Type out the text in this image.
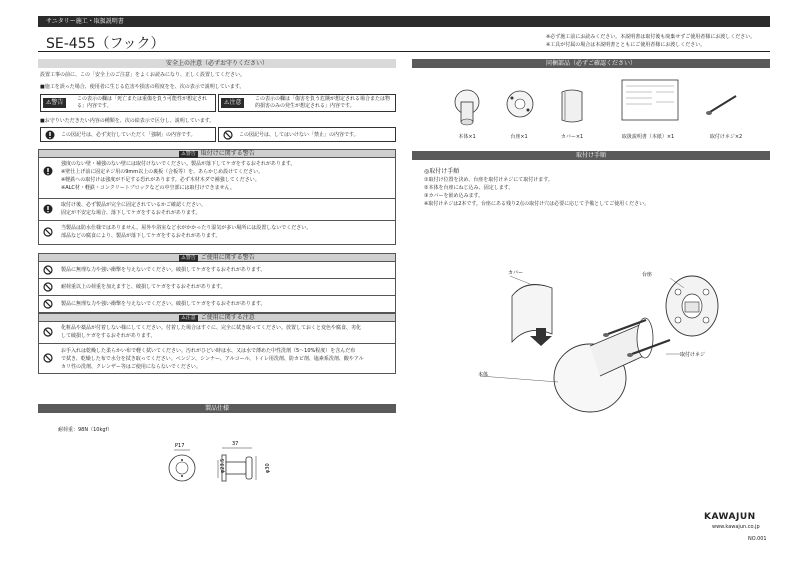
サニタリー施工・取扱説明書
SE-455（フック）	※必ず施工前にお読みください。本説明書は取付後も廃棄せずご使用者様にお渡しください。
※工具が付属の場合は本説明書とともにご使用者様にお渡しください。
安全上の注意（必ずお守りください）
設置工事の前に、この「安全上のご注意」をよくお読みになり、正しく設置してください。
■施工を誤った場合、使用者に生じる危害や損害の程度をを、次の表示で説明しています。
⚠警告	この表示の欄は「死亡または重傷を負う可能性が想定される」内容です。	⚠注意	この表示の欄は「傷害を負う危険が想定される場合または物的損害のみの発生が想定される」内容です。
■お守りいただきたい内容の種類を、次の絵表示で区分し、説明しています。
この図記号は、必ず実行していただく「強制」の内容です。	この図記号は、してはいけない「禁止」の内容です。
⚠警告 取付けに関する警告
強度のない壁・補強のない壁には取付けないでください。製品が落下してケガをするおそれがあります。
※壁仕上げ前に固定ネジ用の9mm以上の裏板（合板等）を、あらかじめ設けてください。
※軽鉄への取付けは強度が不足する恐れがあります。必ず木材木ダで補強してください。
※ALC材・軽鉄・コンクリートブロックなどの中空部には取付けできません。
取付け後、必ず製品が完全に固定されているかご確認ください。
固定が不安定な場合、落下してケガをするおそれがあります。
当製品は防水仕様ではありません。屋外や浴室など水がかかったり湿気が多い場所には設置しないでください。
部品などの腐食により、製品が落下してケガをするおそれがあります。
⚠警告 ご使用に関する警告
製品に無理な力や強い衝撃を与えないでください。破損してケガをするおそれがあります。
耐荷重以上の荷重を加えますと、破損してケガをするおそれがあります。
製品に無理な力や強い衝撃を与えないでください。破損してケガをするおそれがあります。
⚠注意 ご使用に関する注意
化粧品や薬品が付着しない様にしてください。付着した場合はすぐに、完全に拭き取ってください。放置しておくと変色や腐食、劣化
して破損しケガをするおそれがあります。
お手入れは乾燥した柔らかい布で軽く拭いてください。汚れがひどい時は水、又は水で薄めた中性洗剤（5～10%程度）を含んだ布
で拭き、乾燥した布で水分を拭き取ってください。ベンジン、シンナー、アルコール、トイレ用洗剤、防カビ剤、塩素系洗剤、酸やアル
カリ性の洗剤、クレンザー等はご使用にならないでください。
製品仕様
耐荷重：98N（10kgf）
P17	37
φ23.5	φ30
同梱部品（必ずご確認ください）
本体×1	台座×1	カバー×1	取扱説明書（本紙）×1	取付けネジ×2
取付け手順
◎取付け手順
①取付け位置を決め、台座を取付けネジにて取付けます。
②本体を台座にねじ込み、固定します。
③カバーを嵌め込みます。
※取付けネジは2本です。台座にある残り2点の取付け穴は必要に応じて予備としてご使用ください。
カバー	台座
本体
取付けネジ
KAWAJUN
www.kawajun.co.jp
NO.001
